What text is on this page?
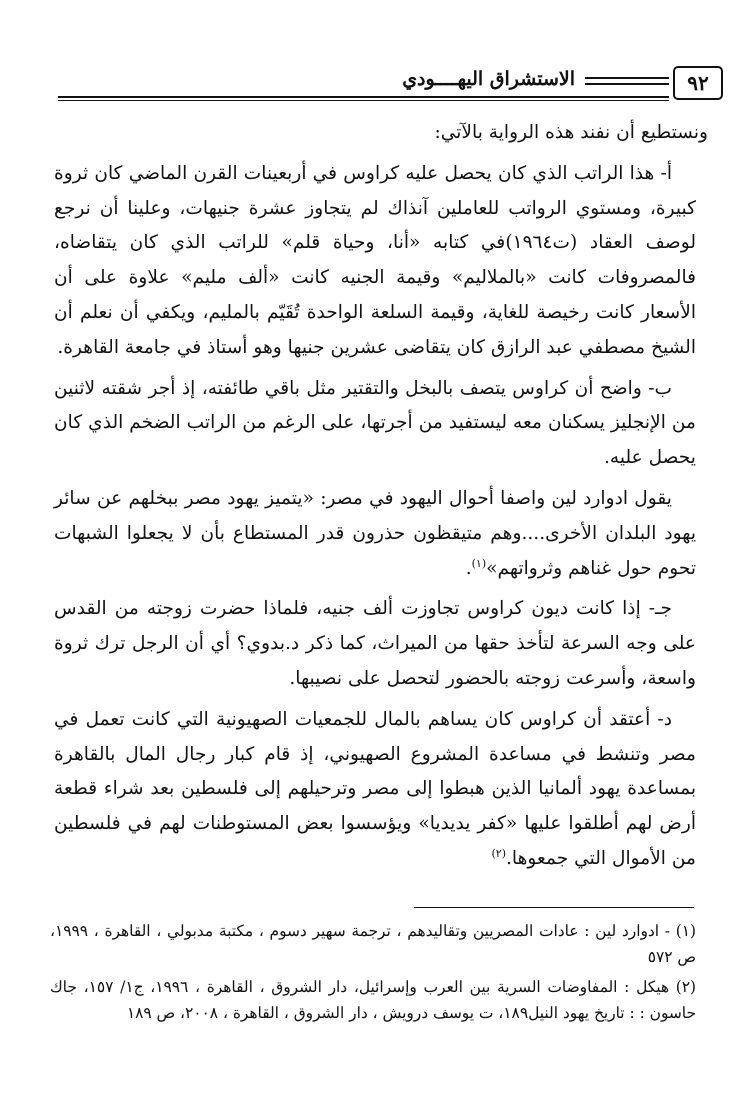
٩٢
الاستشراق اليهــــودي

ونستطيع أن نفند هذه الرواية بالآتي:

أ- هذا الراتب الذي كان يحصل عليه كراوس في أربعينات القرن الماضي كان ثروة كبيرة، ومستوي الرواتب للعاملين آنذاك لم يتجاوز عشرة جنيهات، وعلينا أن نرجع لوصف العقاد (ت١٩٦٤)في كتابه «أنا، وحياة قلم» للراتب الذي كان يتقاضاه، فالمصروفات كانت «بالملاليم» وقيمة الجنيه كانت «ألف مليم» علاوة على أن الأسعار كانت رخيصة للغاية، وقيمة السلعة الواحدة تُقَيّم بالمليم، ويكفي أن نعلم أن الشيخ مصطفي عبد الرازق كان يتقاضى عشرين جنيها وهو أستاذ في جامعة القاهرة.

ب- واضح أن كراوس يتصف بالبخل والتقتير مثل باقي طائفته، إذ أجر شقته لاثنين من الإنجليز يسكنان معه ليستفيد من أجرتها، على الرغم من الراتب الضخم الذي كان يحصل عليه.

يقول ادوارد لين واصفا أحوال اليهود في مصر: «يتميز يهود مصر ببخلهم عن سائر يهود البلدان الأخرى....وهم متيقظون حذرون قدر المستطاع بأن لا يجعلوا الشبهات تحوم حول غناهم وثرواتهم»$^{(١)}$.

جـ- إذا كانت ديون كراوس تجاوزت ألف جنيه، فلماذا حضرت زوجته من القدس على وجه السرعة لتأخذ حقها من الميراث، كما ذكر د.بدوي؟ أي أن الرجل ترك ثروة واسعة، وأسرعت زوجته بالحضور لتحصل على نصيبها.

د- أعتقد أن كراوس كان يساهم بالمال للجمعيات الصهيونية التي كانت تعمل في مصر وتنشط في مساعدة المشروع الصهيوني، إذ قام كبار رجال المال بالقاهرة بمساعدة يهود ألمانيا الذين هبطوا إلى مصر وترحيلهم إلى فلسطين بعد شراء قطعة أرض لهم أطلقوا عليها «كفر يديديا» ويؤسسوا بعض المستوطنات لهم في فلسطين من الأموال التي جمعوها.$^{(٢)}$

(١) - ادوارد لين : عادات المصريين وتقاليدهم ، ترجمة سهير دسوم ، مكتبة مدبولي ، القاهرة ، ١٩٩٩، ص ٥٧٢

(٢) هيكل : المفاوضات السرية بين العرب وإسرائيل، دار الشروق ، القاهرة ، ١٩٩٦، ج١/ ١٥٧، جاك حاسون : : تاريخ يهود النيل١٨٩، ت يوسف درويش ، دار الشروق ، القاهرة ، ٢٠٠٨، ص ١٨٩
